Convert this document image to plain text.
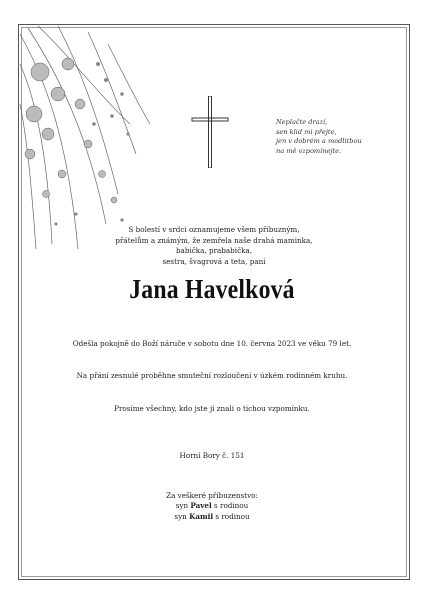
Neplačte drazí,
sen klid mi přejte,
jen v dobrém a modlitbou
na mě vzpomínejte.
S bolestí v srdci oznamujeme všem příbuzným,
přátelům a známým, že zemřela naše drahá maminka, babička, prababička,
sestra, švagrová a teta, paní
Jana Havelková
Odešla pokojně do Boží náruče v sobotu dne 10. června 2023 ve věku 79 let.
Na přání zesnulé proběhne smuteční rozloučení v úzkém rodinném kruhu.
Prosíme všechny, kdo jste ji znali o tichou vzpomínku.
Horní Bory č. 151
Za veškeré příbuzenstvo:
syn Pavel s rodinou
syn Kamil s rodinou
